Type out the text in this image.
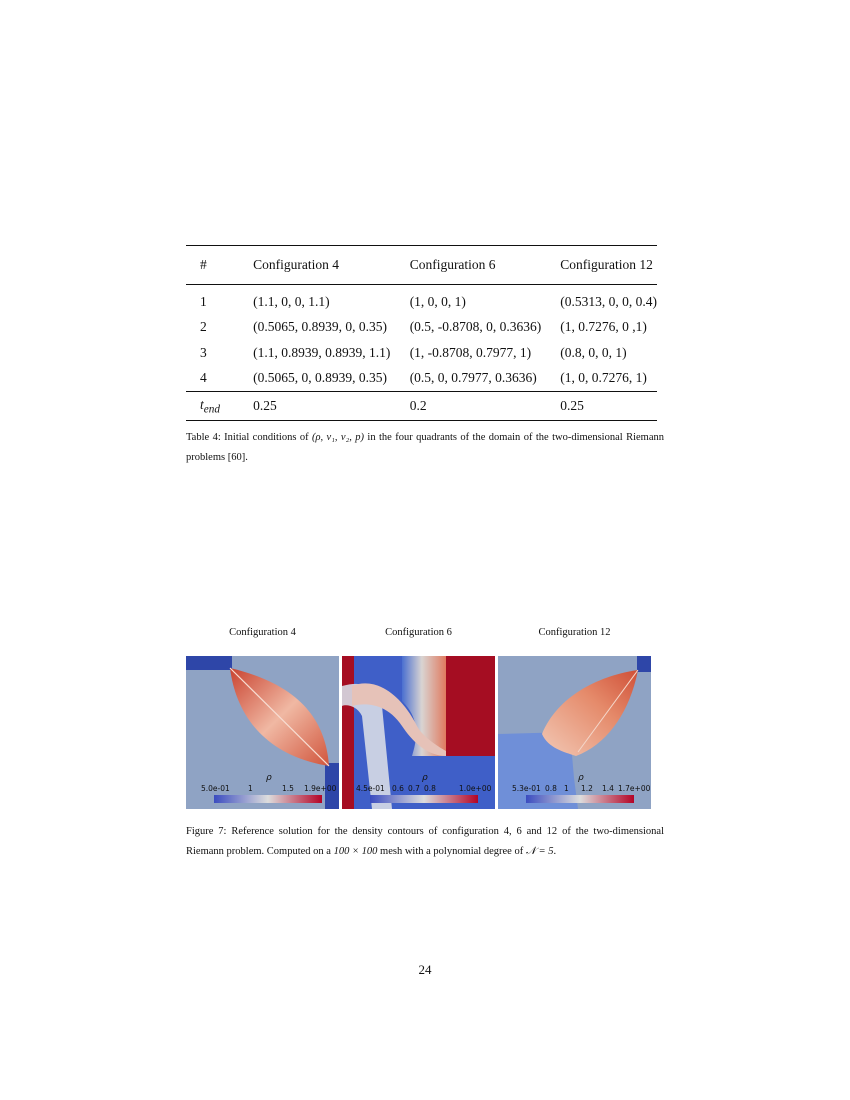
#	Configuration 4	Configuration 6	Configuration 12
1	(1.1, 0, 0, 1.1)	(1, 0, 0, 1)	(0.5313, 0, 0, 0.4)
2	(0.5065, 0.8939, 0, 0.35)	(0.5, -0.8708, 0, 0.3636)	(1, 0.7276, 0 ,1)
3	(1.1, 0.8939, 0.8939, 1.1)	(1, -0.8708, 0.7977, 1)	(0.8, 0, 0, 1)
4	(0.5065, 0, 0.8939, 0.35)	(0.5, 0, 0.7977, 0.3636)	(1, 0, 0.7276, 1)
$t_{end}$	0.25	0.2	0.25
Table 4: Initial conditions of (ρ, v₁, v₂, p) in the four quadrants of the domain of the two-dimensional Riemann problems [60].
Configuration 4	Configuration 6	Configuration 12
ρ
5.0e-01 1	1.5 1.9e+00
ρ
4.5e-01 0.6 0.7 0.8	1.0e+00
ρ
5.3e-01 0.8 1 1.2 1.4 1.7e+00
Figure 7: Reference solution for the density contours of configuration 4, 6 and 12 of the two-dimensional Riemann problem. Computed on a 100 × 100 mesh with a polynomial degree of 𝒩 = 5.
24
